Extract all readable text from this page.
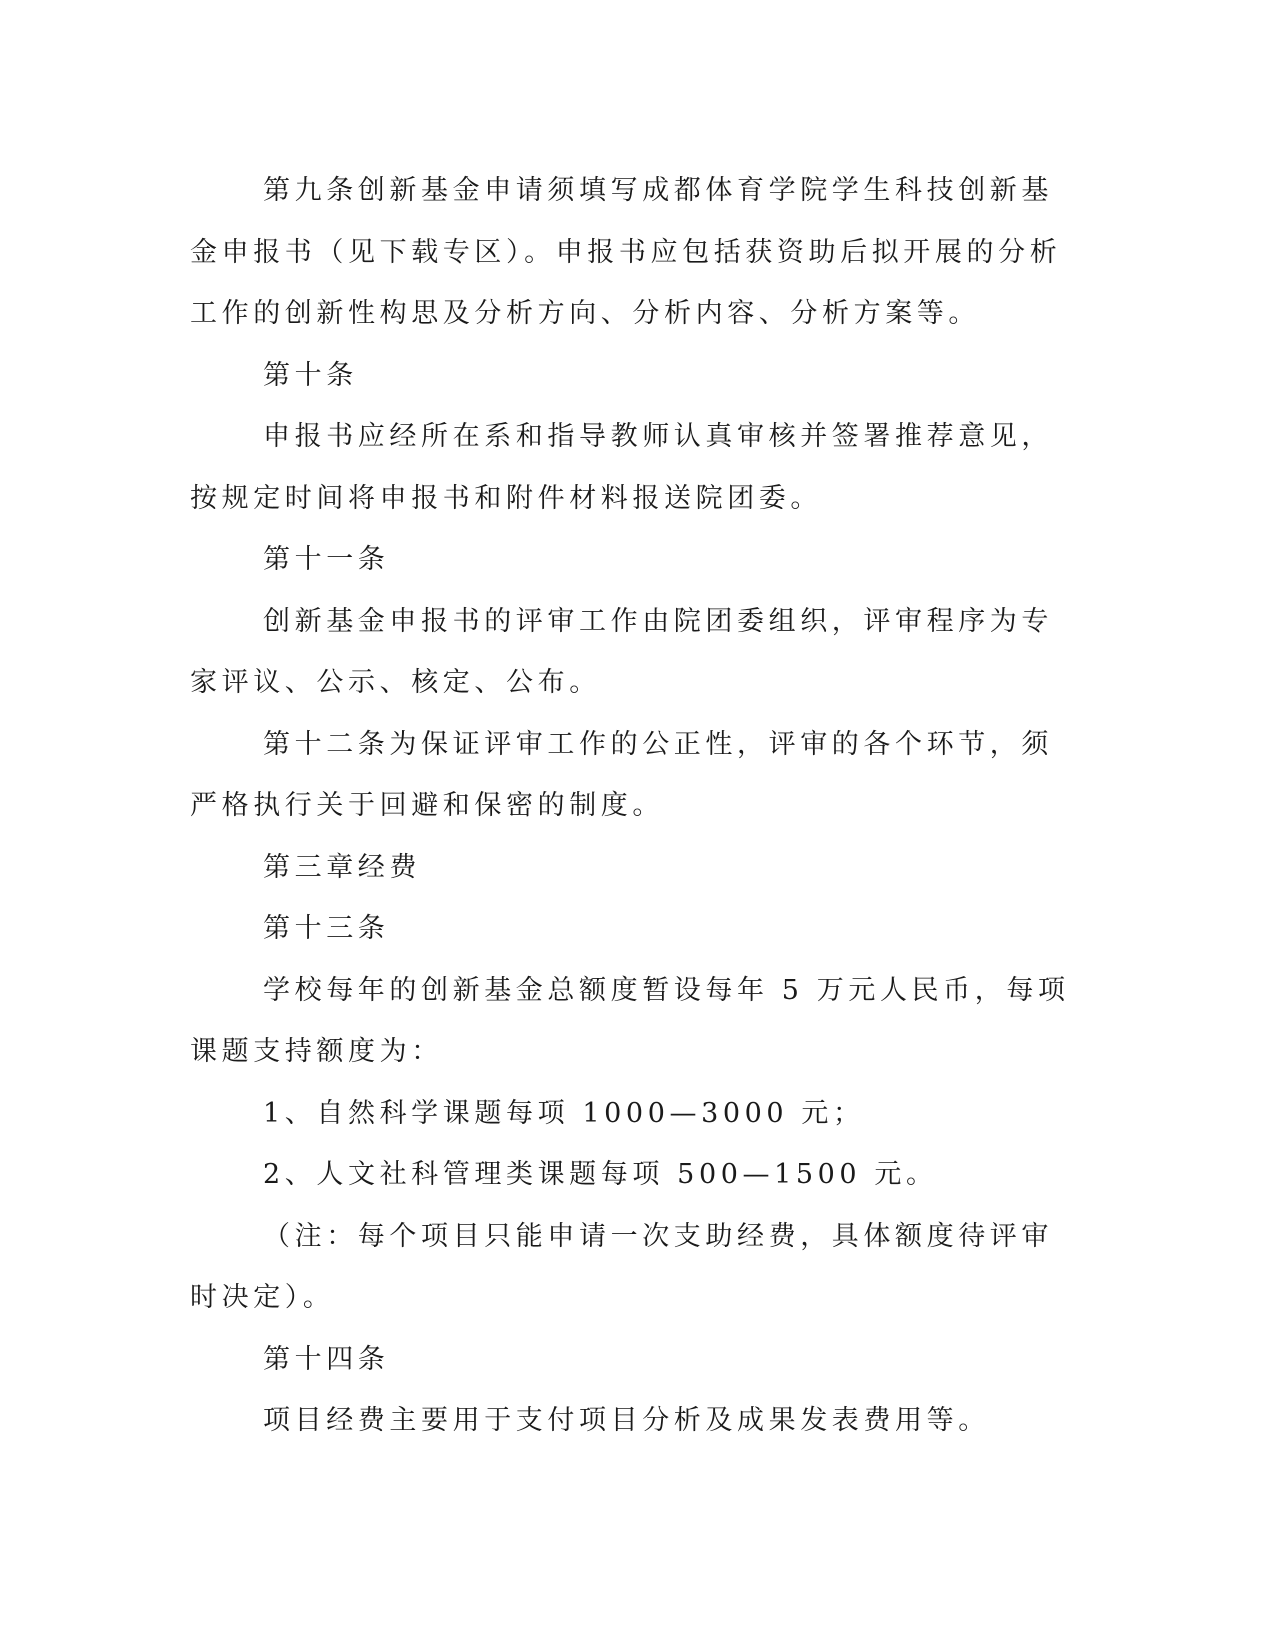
第九条创新基金申请须填写成都体育学院学生科技创新基金申报书（见下载专区）。申报书应包括获资助后拟开展的分析工作的创新性构思及分析方向、分析内容、分析方案等。

第十条

申报书应经所在系和指导教师认真审核并签署推荐意见，按规定时间将申报书和附件材料报送院团委。

第十一条

创新基金申报书的评审工作由院团委组织，评审程序为专家评议、公示、核定、公布。

第十二条为保证评审工作的公正性，评审的各个环节，须严格执行关于回避和保密的制度。

第三章经费

第十三条

学校每年的创新基金总额度暂设每年 5 万元人民币，每项课题支持额度为：

1、自然科学课题每项 1000—3000 元；

2、人文社科管理类课题每项 500—1500 元。

（注：每个项目只能申请一次支助经费，具体额度待评审时决定）。

第十四条

项目经费主要用于支付项目分析及成果发表费用等。
